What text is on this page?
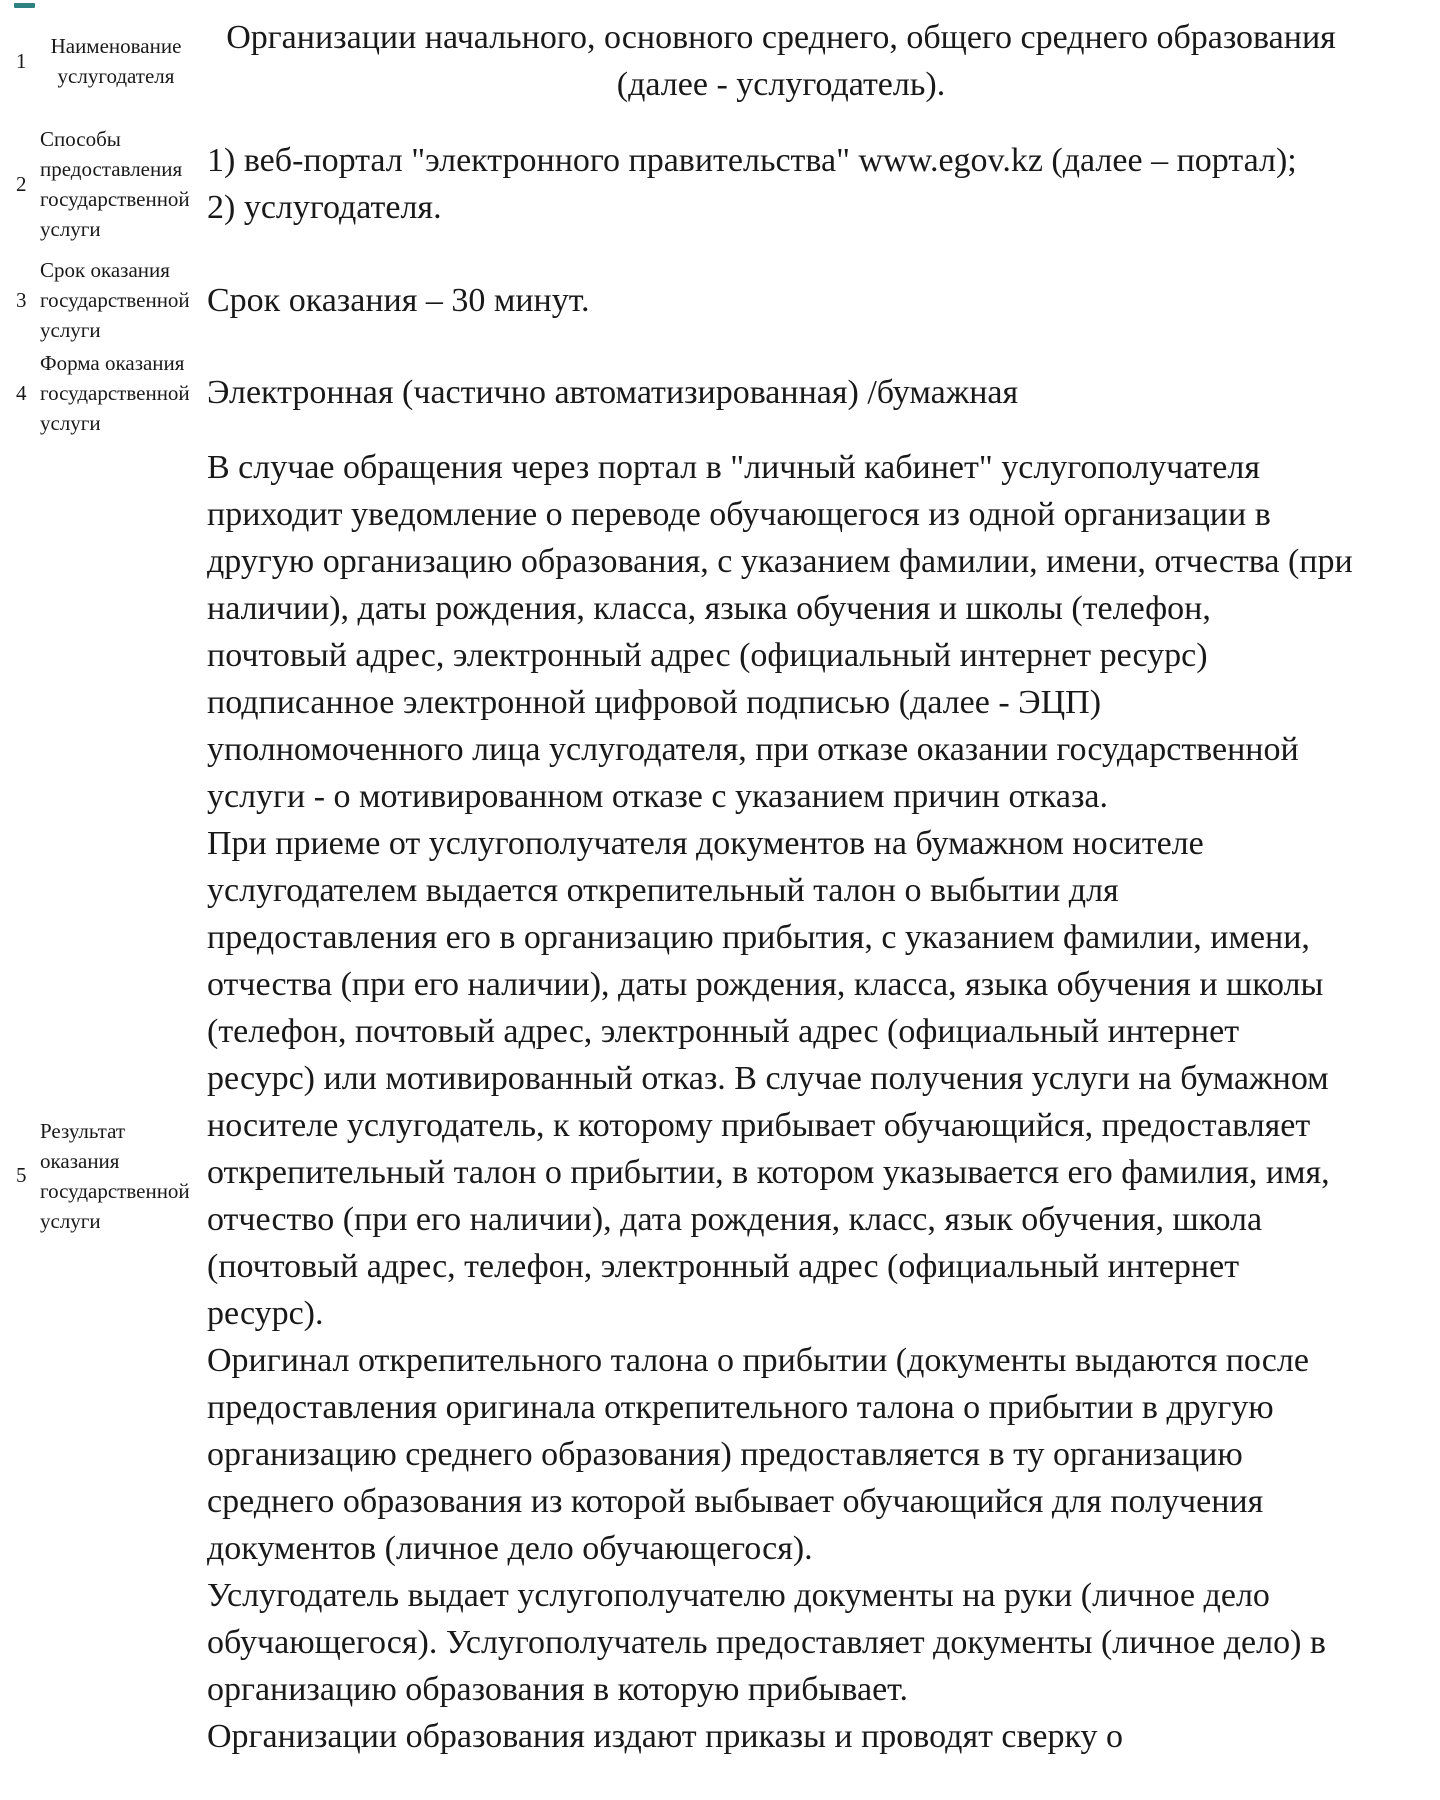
1
Наименование услугодателя

Организации начального, основного среднего, общего среднего образования (далее - услугодатель).

2
Способы предоставления государственной услуги

1) веб-портал "электронного правительства" www.egov.kz (далее – портал);

2) услугодателя.

3
Срок оказания государственной услуги

Срок оказания – 30 минут.

4
Форма оказания государственной услуги

Электронная (частично автоматизированная) /бумажная

5
Результат оказания государственной услуги

В случае обращения через портал в "личный кабинет" услугополучателя приходит уведомление о переводе обучающегося из одной организации в другую организацию образования, с указанием фамилии, имени, отчества (при наличии), даты рождения, класса, языка обучения и школы (телефон, почтовый адрес, электронный адрес (официальный интернет ресурс) подписанное электронной цифровой подписью (далее - ЭЦП) уполномоченного лица услугодателя, при отказе оказании государственной услуги - о мотивированном отказе с указанием причин отказа.

При приеме от услугополучателя документов на бумажном носителе услугодателем выдается открепительный талон о выбытии для предоставления его в организацию прибытия, с указанием фамилии, имени, отчества (при его наличии), даты рождения, класса, языка обучения и школы (телефон, почтовый адрес, электронный адрес (официальный интернет ресурс) или мотивированный отказ. В случае получения услуги на бумажном носителе услугодатель, к которому прибывает обучающийся, предоставляет открепительный талон о прибытии, в котором указывается его фамилия, имя, отчество (при его наличии), дата рождения, класс, язык обучения, школа (почтовый адрес, телефон, электронный адрес (официальный интернет ресурс).

Оригинал открепительного талона о прибытии (документы выдаются после предоставления оригинала открепительного талона о прибытии в другую организацию среднего образования) предоставляется в ту организацию среднего образования из которой выбывает обучающийся для получения документов (личное дело обучающегося).

Услугодатель выдает услугополучателю документы на руки (личное дело обучающегося). Услугополучатель предоставляет документы (личное дело) в организацию образования в которую прибывает.

Организации образования издают приказы и проводят сверку о
